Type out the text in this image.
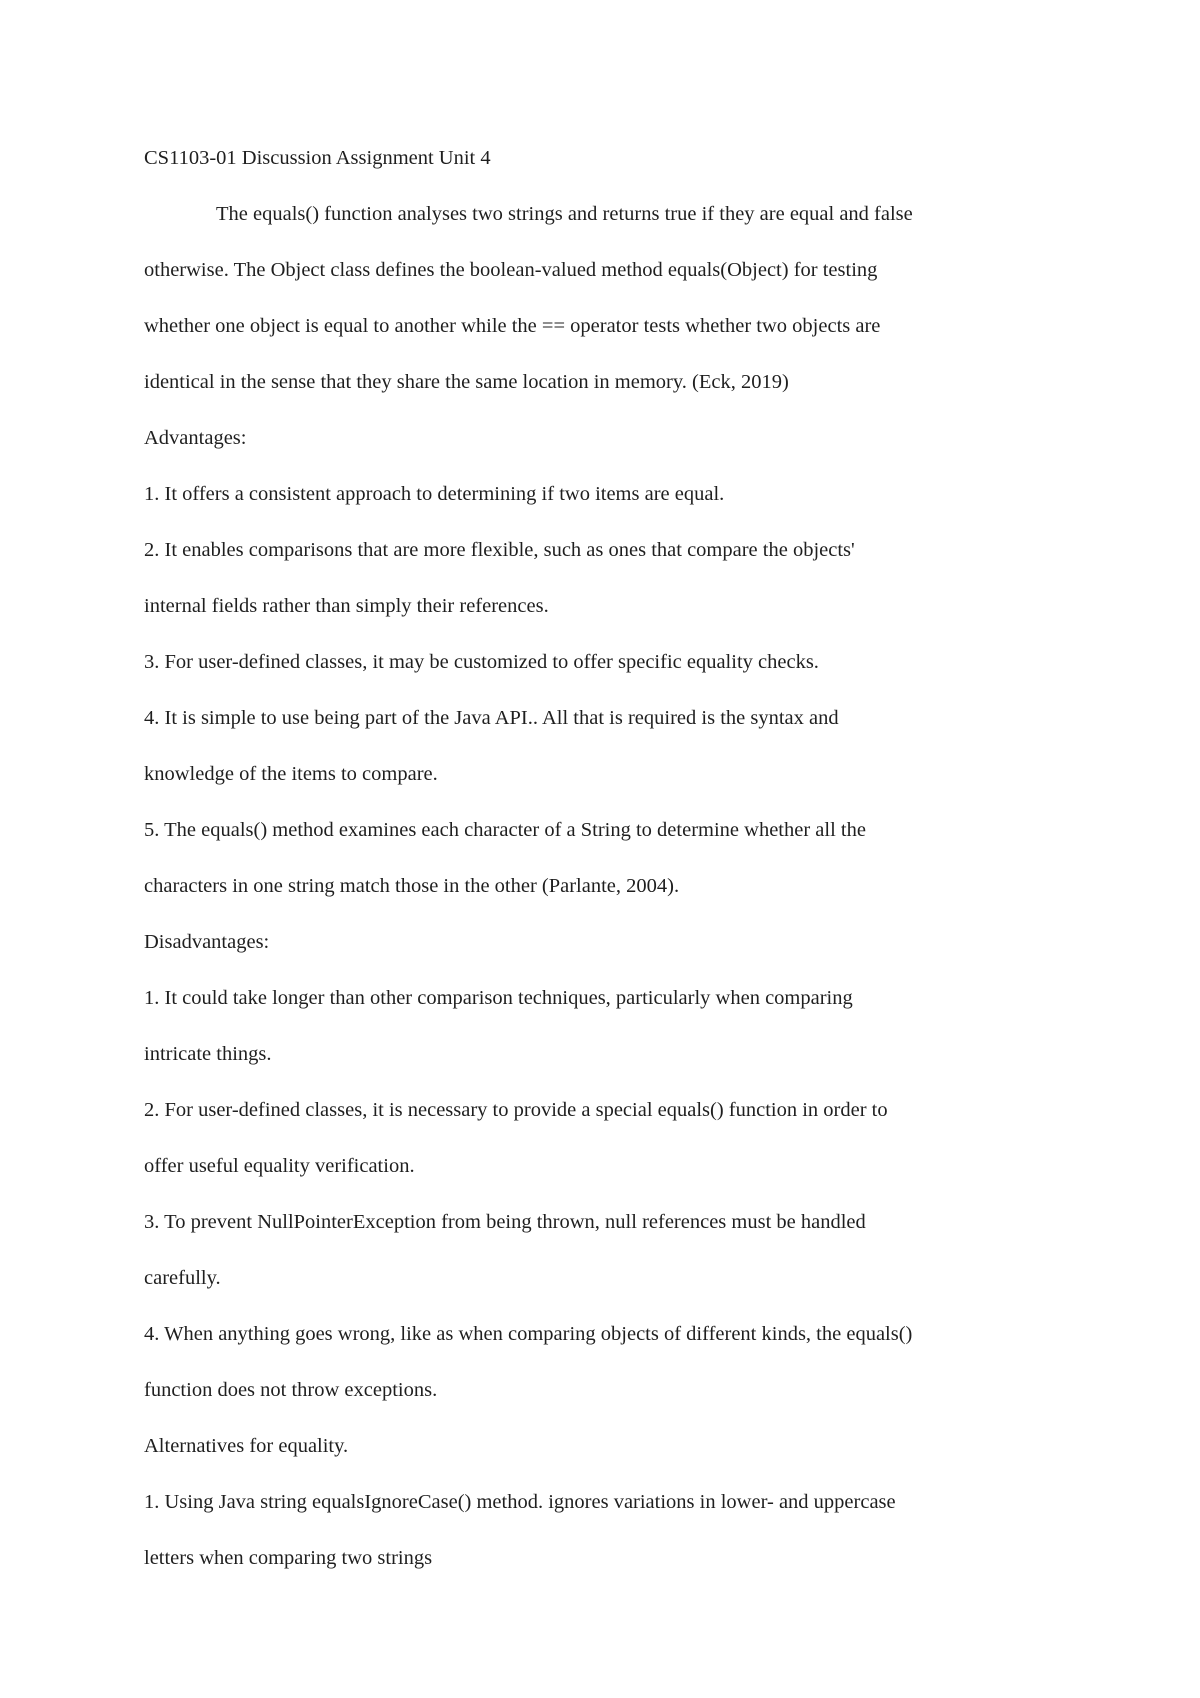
CS1103-01 Discussion Assignment Unit 4
The equals() function analyses two strings and returns true if they are equal and false
otherwise. The Object class defines the boolean-valued method equals(Object) for testing
whether one object is equal to another while the == operator tests whether two objects are
identical in the sense that they share the same location in memory. (Eck, 2019)
Advantages:
1. It offers a consistent approach to determining if two items are equal.
2. It enables comparisons that are more flexible, such as ones that compare the objects'
internal fields rather than simply their references.
3. For user-defined classes, it may be customized to offer specific equality checks.
4. It is simple to use being part of the Java API.. All that is required is the syntax and
knowledge of the items to compare.
5. The equals() method examines each character of a String to determine whether all the
characters in one string match those in the other (Parlante, 2004).
Disadvantages:
1. It could take longer than other comparison techniques, particularly when comparing
intricate things.
2. For user-defined classes, it is necessary to provide a special equals() function in order to
offer useful equality verification.
3. To prevent NullPointerException from being thrown, null references must be handled
carefully.
4. When anything goes wrong, like as when comparing objects of different kinds, the equals()
function does not throw exceptions.
Alternatives for equality.
1. Using Java string equalsIgnoreCase() method. ignores variations in lower- and uppercase
letters when comparing two strings
